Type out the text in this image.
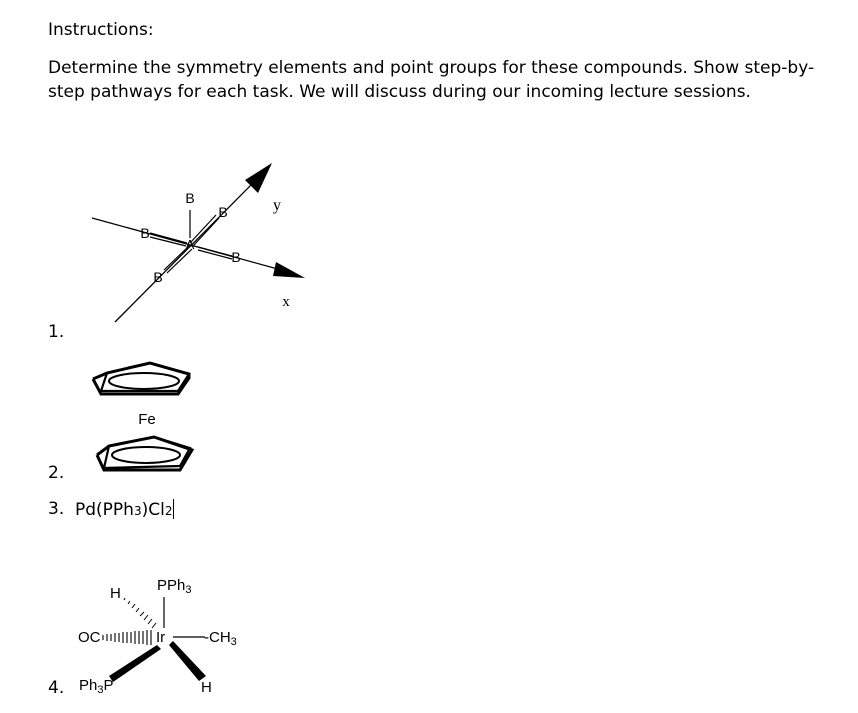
Instructions:
Determine the symmetry elements and point groups for these compounds. Show step-by-step pathways for each task. We will discuss during our incoming lecture sessions.
1.
A
B
B
B
B
B
y
x
2.
Fe
3. Pd(PPh3)Cl2
4.
PPh$_3$
H
OC	Ir	$-CH_3$
$Ph_3P$	H
